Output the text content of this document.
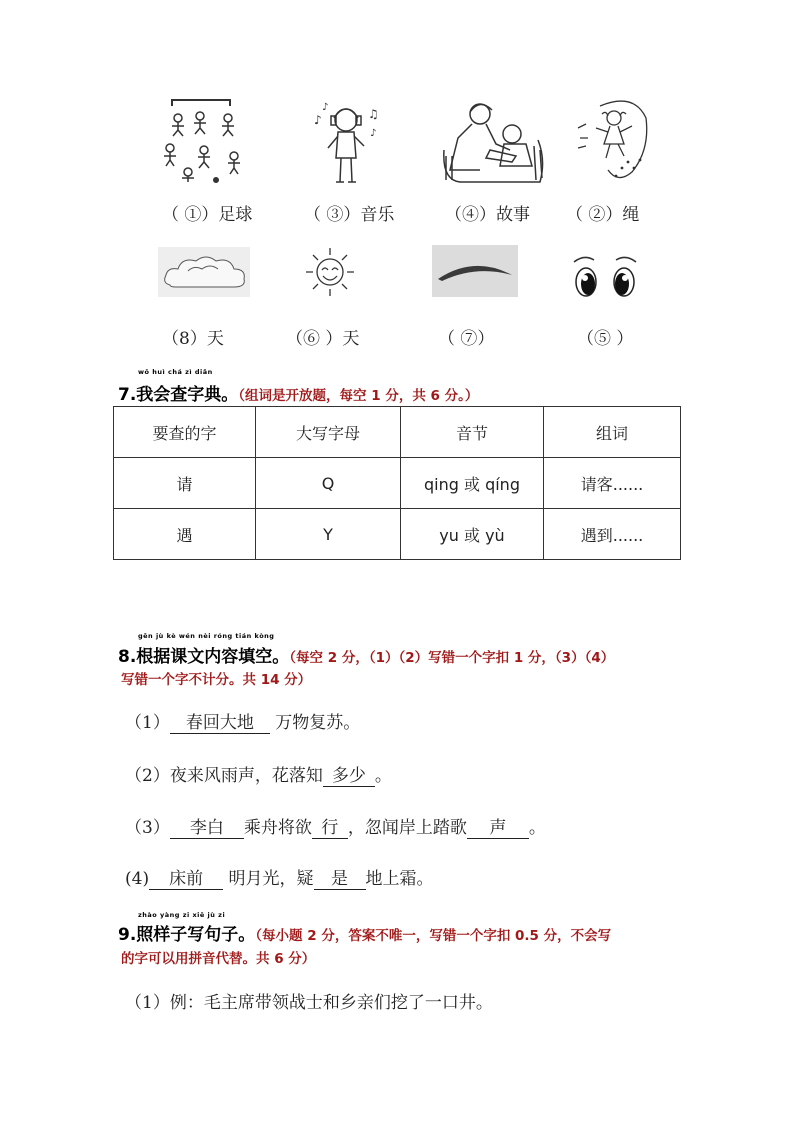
♪	♫
♪
♪
（ ①）足球	（ ③）音乐	（④）故事 （ ②）绳
（8）天	（⑥ ）天	（ ⑦）	（⑤ ）
wǒ huì chá zì diǎn
7.我会查字典。（组词是开放题，每空 1 分，共 6 分。）
要查的字	大写字母	音节	组词
请	Q	qing 或 qíng	请客......
遇	Y	yu 或 yù	遇到......
gēn jù kè wén nèi róng tián kòng
8.根据课文内容填空。（每空 2 分，（1）（2）写错一个字扣 1 分，（3）（4）
写错一个字不计分。共 14 分）
（1） 春回大地 万物复苏。
（2）夜来风雨声，花落知 多少 。
（3） 李白 乘舟将欲 行 ，忽闻岸上踏歌 声 。
(4) 床前 明月光，疑 是 地上霜。
zhào yàng zi xiě jù zi
9.照样子写句子。（每小题 2 分，答案不唯一，写错一个字扣 0.5 分，不会写
的字可以用拼音代替。共 6 分）
（1）例：毛主席带领战士和乡亲们挖了一口井。
